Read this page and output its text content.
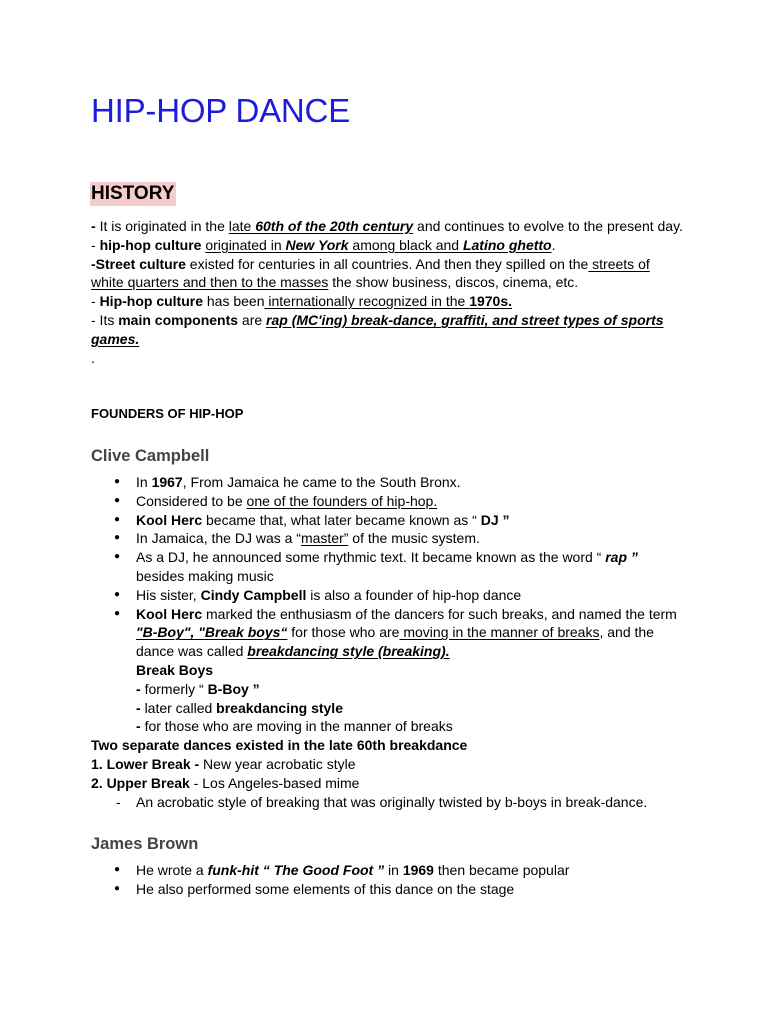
HIP-HOP DANCE
HISTORY
- It is originated in the late 60th of the 20th century and continues to evolve to the present day.
- hip-hop culture originated in New York among black and Latino ghetto.
-Street culture existed for centuries in all countries. And then they spilled on the streets of
white quarters and then to the masses the show business, discos, cinema, etc.
- Hip-hop culture has been internationally recognized in the 1970s.
- Its main components are rap (MC'ing) break-dance, graffiti, and street types of sports
games.
.
FOUNDERS OF HIP-HOP
Clive Campbell
● In 1967, From Jamaica he came to the South Bronx.
● Considered to be one of the founders of hip-hop.
● Kool Herc became that, what later became known as “ DJ ”
● In Jamaica, the DJ was a “master” of the music system.
● As a DJ, he announced some rhythmic text. It became known as the word “ rap ”
besides making music
● His sister, Cindy Campbell is also a founder of hip-hop dance
● Kool Herc marked the enthusiasm of the dancers for such breaks, and named the term
"B-Boy", "Break boys“ for those who are moving in the manner of breaks, and the
dance was called breakdancing style (breaking).
Break Boys
- formerly “ B-Boy ”
- later called breakdancing style
- for those who are moving in the manner of breaks
Two separate dances existed in the late 60th breakdance
1. Lower Break - New year acrobatic style
2. Upper Break - Los Angeles-based mime
- An acrobatic style of breaking that was originally twisted by b-boys in break-dance.
James Brown
● He wrote a funk-hit “ The Good Foot ” in 1969 then became popular
● He also performed some elements of this dance on the stage
